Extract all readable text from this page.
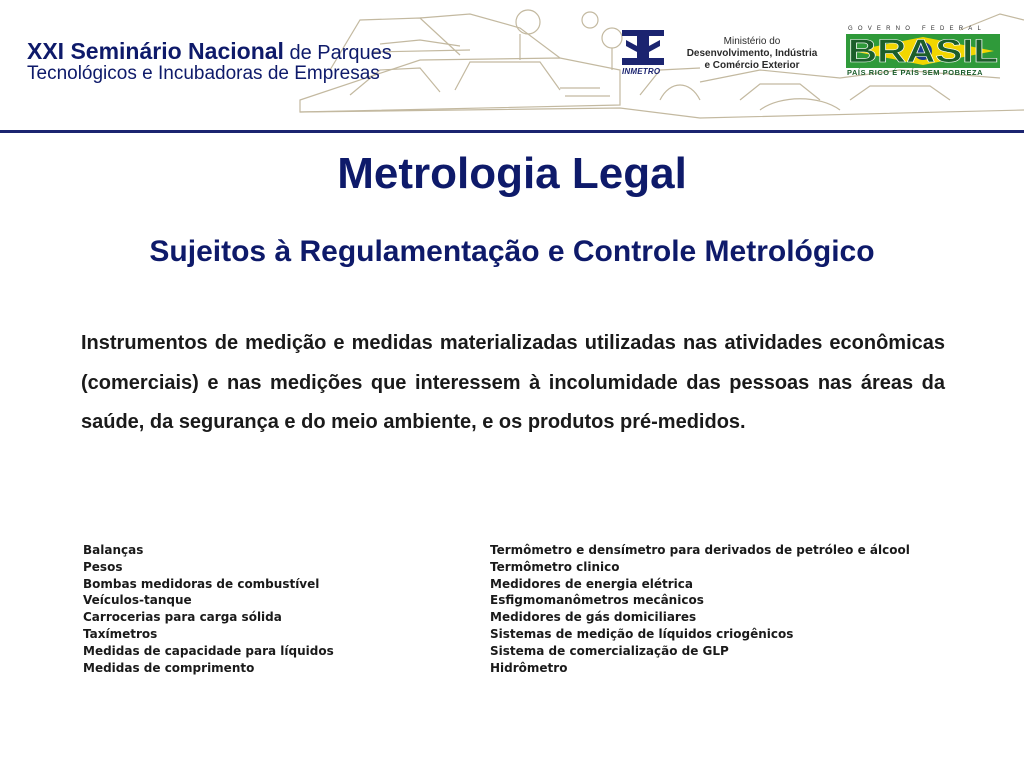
XXI Seminário Nacional de Parques
Tecnológicos e Incubadoras de Empresas	INMETRO
Ministério do
Desenvolvimento, Indústria
e Comércio Exterior
GOVERNO FEDERAL
BRASIL
PAÍS RICO É PAÍS SEM POBREZA
Metrologia Legal
Sujeitos à Regulamentação e Controle Metrológico

Instrumentos de medição e medidas materializadas utilizadas nas atividades econômicas (comerciais) e nas medições que interessem à incolumidade das pessoas nas áreas da saúde, da segurança e do meio ambiente, e os produtos pré-medidos.

Balanças
Pesos
Bombas medidoras de combustível
Veículos-tanque
Carrocerias para carga sólida
Taxímetros
Medidas de capacidade para líquidos
Medidas de comprimento
Termômetro e densímetro para derivados de petróleo e álcool
Termômetro clinico
Medidores de energia elétrica
Esfigmomanômetros mecânicos
Medidores de gás domiciliares
Sistemas de medição de líquidos criogênicos
Sistema de comercialização de GLP
Hidrômetro
